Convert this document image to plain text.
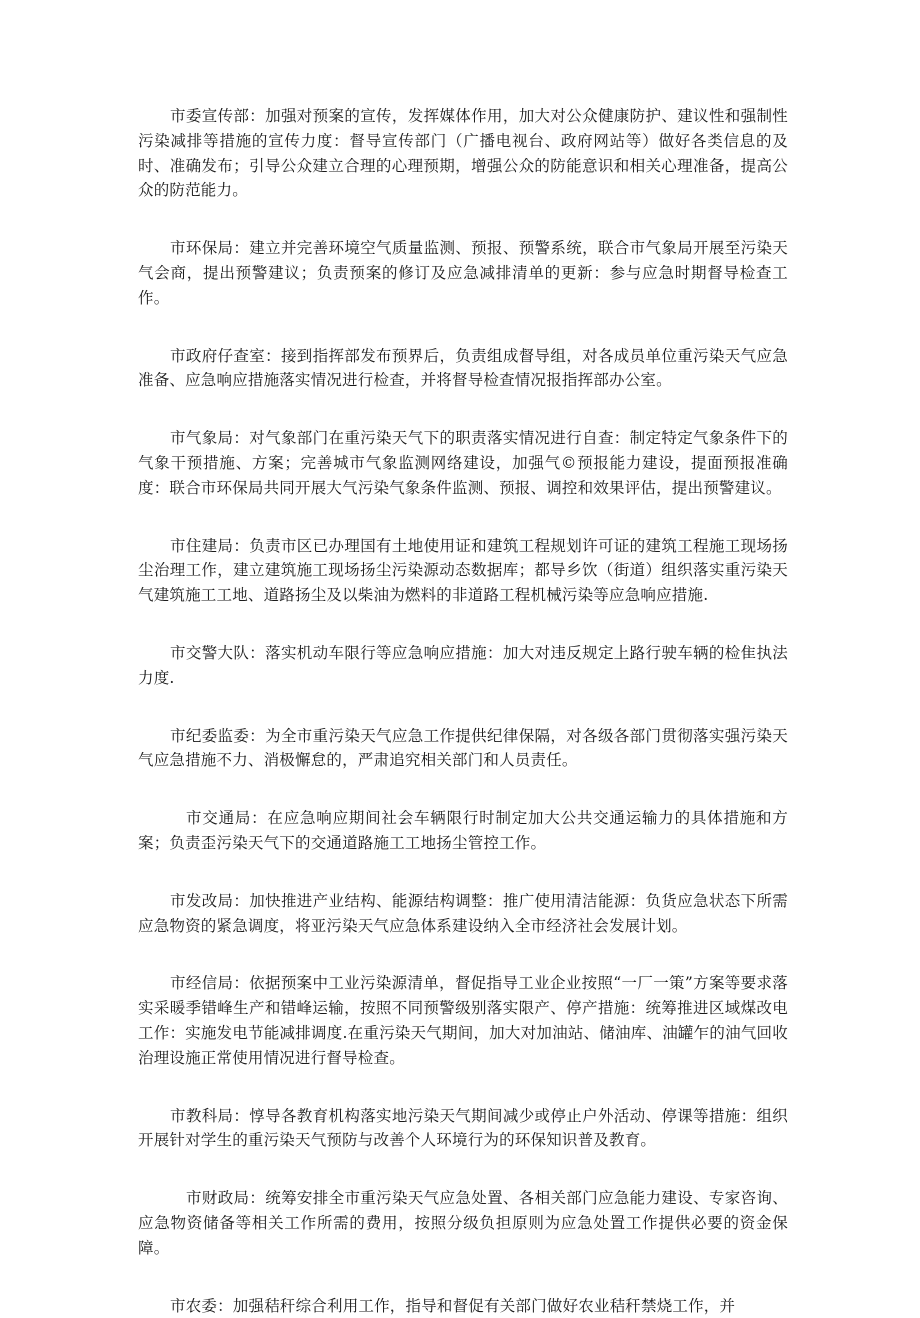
市委宣传部：加强对预案的宣传，发挥媒体作用，加大对公众健康防护、建议性和强制性污染减排等措施的宣传力度：督导宣传部门（广播电视台、政府网站等）做好各类信息的及时、准确发布；引导公众建立合理的心理预期，增强公众的防能意识和相关心理准备，提高公众的防范能力。

市环保局：建立并完善环境空气质量监测、预报、预警系统，联合市气象局开展至污染天气会商，提出预警建议；负责预案的修订及应急减排清单的更新：参与应急时期督导检查工作。

市政府仔查室：接到指挥部发布预界后，负责组成督导组，对各成员单位重污染天气应急准备、应急响应措施落实情况进行检查，并将督导检查情况报指挥部办公室。

市气象局：对气象部门在重污染天气下的职责落实情况进行自查：制定特定气象条件下的气象干预措施、方案；完善城市气象监测网络建设，加强气©预报能力建设，提面预报准确度：联合市环保局共同开展大气污染气象条件监测、预报、调控和效果评估，提出预警建议。

市住建局：负责市区已办理国有土地使用证和建筑工程规划许可证的建筑工程施工现场扬尘治理工作，建立建筑施工现场扬尘污染源动态数据库；都导乡饮（街道）组织落实重污染天气建筑施工工地、道路扬尘及以柴油为燃料的非道路工程机械污染等应急响应措施.

市交警大队：落实机动车限行等应急响应措施：加大对违反规定上路行驶车辆的检隹执法力度.

市纪委监委：为全市重污染天气应急工作提供纪律保隔，对各级各部门贯彻落实强污染天气应急措施不力、消极懈怠的，严肃追究相关部门和人员责任。

市交通局：在应急响应期间社会车辆限行时制定加大公共交通运输力的具体措施和方案；负责歪污染天气下的交通道路施工工地扬尘管控工作。

市发改局：加快推进产业结构、能源结构调整：推广使用清洁能源：负货应急状态下所需应急物资的紧急调度，将亚污染天气应急体系建设纳入全市经济社会发展计划。

市经信局：依据预案中工业污染源清单，督促指导工业企业按照“一厂一策”方案等要求落实采暖季错峰生产和错峰运输，按照不同预警级别落实限产、停产措施：统筹推进区域煤改电工作：实施发电节能减排调度.在重污染天气期间，加大对加油站、储油库、油罐乍的油气回收治理设施正常使用情况进行督导检查。

市教科局：惇导各教育机构落实地污染天气期间减少或停止户外活动、停课等措施：组织开展针对学生的重污染天气预防与改善个人环境行为的环保知识普及教育。

市财政局：统筹安排全市重污染天气应急处置、各相关部门应急能力建设、专家咨询、应急物资储备等相关工作所需的费用，按照分级负担原则为应急处置工作提供必要的资金保障。

市农委：加强秸秆综合利用工作，指导和督促有关部门做好农业秸秆禁烧工作，并
